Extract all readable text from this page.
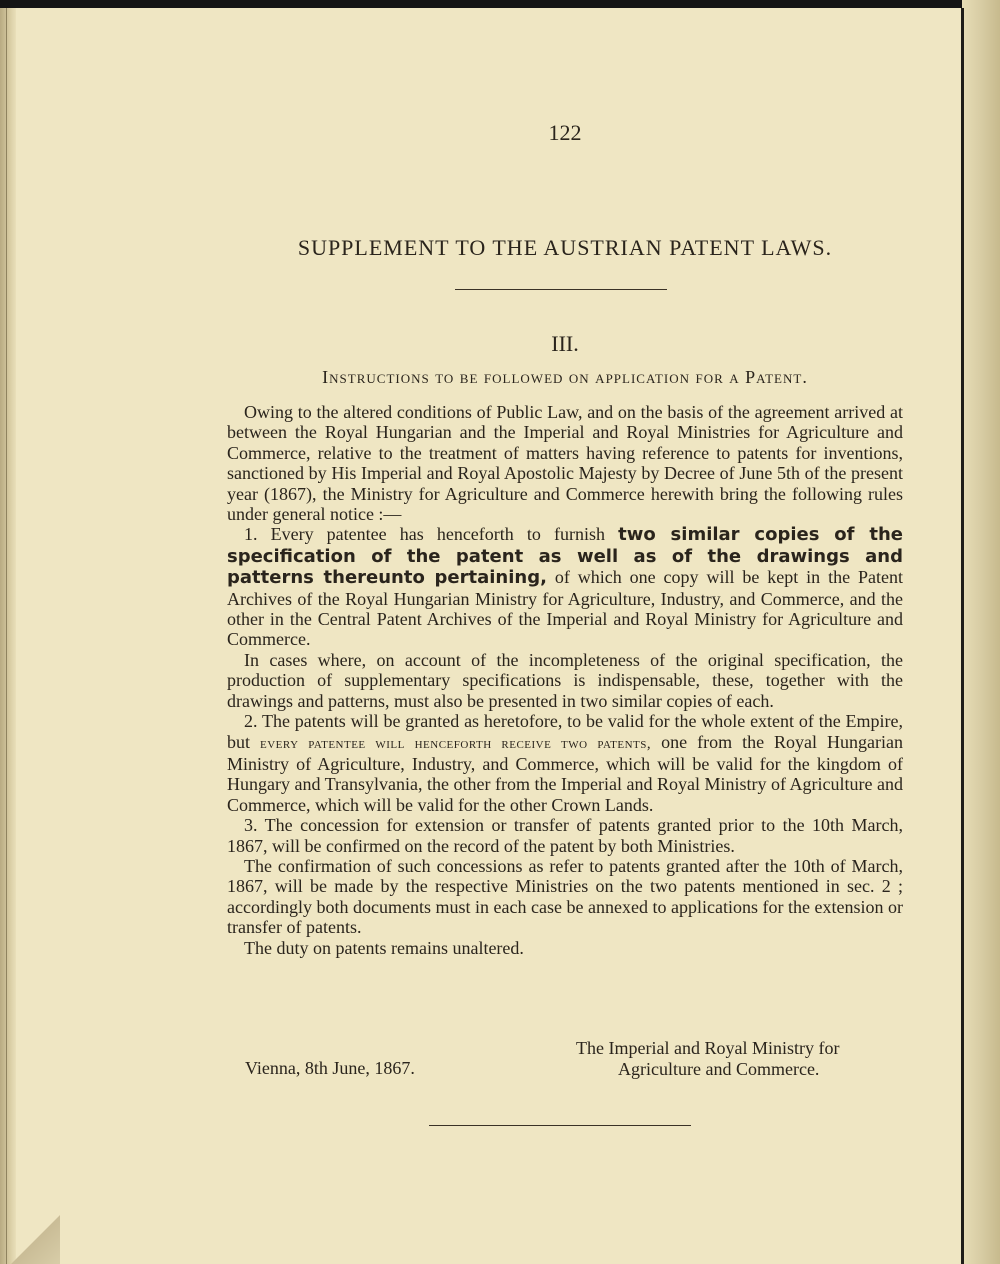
122
SUPPLEMENT TO THE AUSTRIAN PATENT LAWS.
III.
Instructions to be followed on application for a Patent.

Owing to the altered conditions of Public Law, and on the basis of the agreement arrived at between the Royal Hungarian and the Imperial and Royal Ministries for Agriculture and Commerce, relative to the treatment of matters having reference to patents for inventions, sanctioned by His Imperial and Royal Apostolic Majesty by Decree of June 5th of the present year (1867), the Ministry for Agriculture and Commerce herewith bring the following rules under general notice :—

1. Every patentee has henceforth to furnish two similar copies of the specification of the patent as well as of the drawings and patterns thereunto pertaining, of which one copy will be kept in the Patent Archives of the Royal Hungarian Ministry for Agriculture, Industry, and Commerce, and the other in the Central Patent Archives of the Imperial and Royal Ministry for Agriculture and Commerce.

In cases where, on account of the incompleteness of the original specification, the production of supplementary specifications is indispensable, these, together with the drawings and patterns, must also be presented in two similar copies of each.

2. The patents will be granted as heretofore, to be valid for the whole extent of the Empire, but every patentee will henceforth receive two patents, one from the Royal Hungarian Ministry of Agriculture, Industry, and Commerce, which will be valid for the kingdom of Hungary and Transylvania, the other from the Imperial and Royal Ministry of Agriculture and Commerce, which will be valid for the other Crown Lands.

3. The concession for extension or transfer of patents granted prior to the 10th March, 1867, will be confirmed on the record of the patent by both Ministries.

The confirmation of such concessions as refer to patents granted after the 10th of March, 1867, will be made by the respective Ministries on the two patents mentioned in sec. 2 ; accordingly both documents must in each case be annexed to applications for the extension or transfer of patents.

The duty on patents remains unaltered.

The Imperial and Royal Ministry for
Agriculture and Commerce.
Vienna, 8th June, 1867.
